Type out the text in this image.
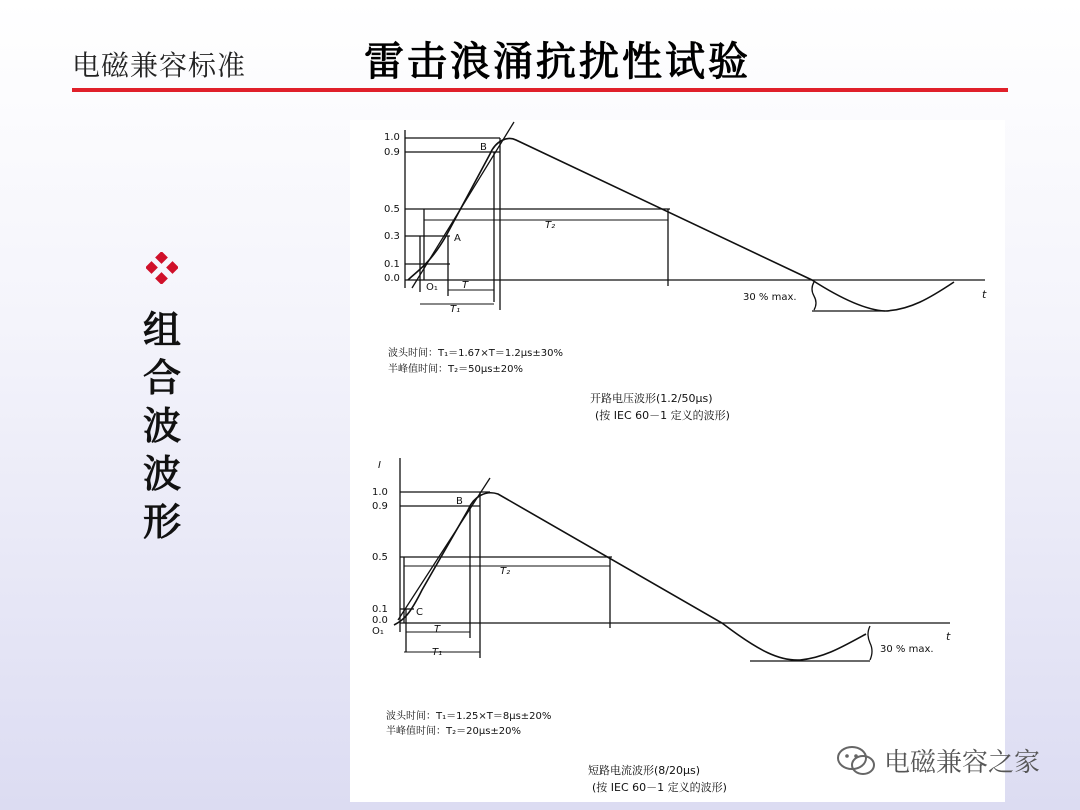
电磁兼容标准	雷击浪涌抗扰性试验
组
合
波
波
形
1.0
0.9
0.5
0.3
0.1
0.0
t
A
B
O₁ T
T₁
T₂
30 % max.
波头时间：T₁＝1.67×T＝1.2μs±30%
半峰值时间：T₂＝50μs±20%
开路电压波形(1.2/50μs)
(按 IEC 60－1 定义的波形)
I
1.0
0.9
0.5
0.1
0.0
t
B
C
O₁	T
T₁
T₂
30 % max.
波头时间：T₁＝1.25×T＝8μs±20%
半峰值时间：T₂＝20μs±20%
短路电流波形(8/20μs)
(按 IEC 60－1 定义的波形)
电磁兼容之家
